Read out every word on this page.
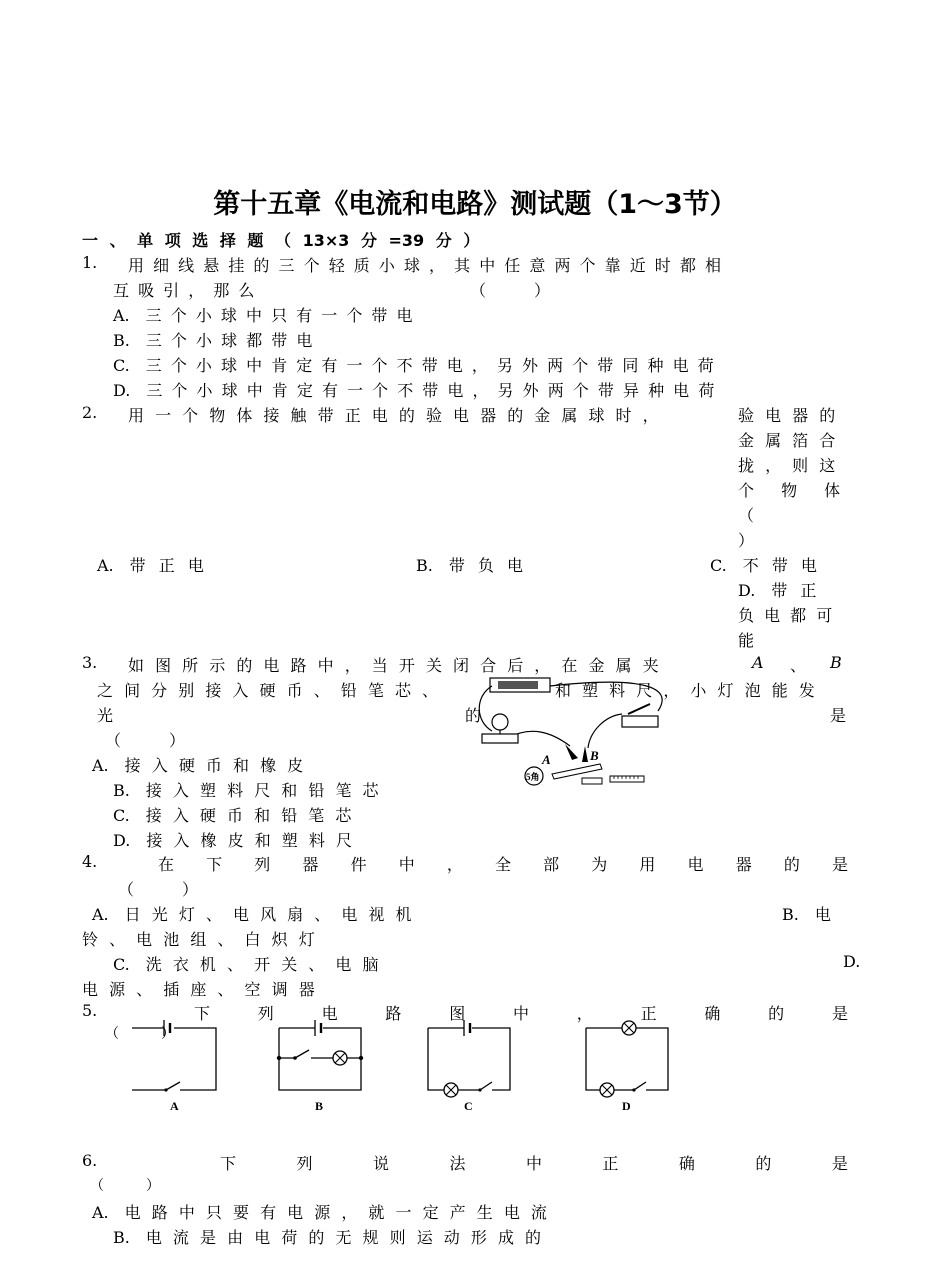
第十五章《电流和电路》测试题（1～3节）
一 、 单 项 选 择 题 （ 13×3 分 =39 分 ）
1. 用 细 线 悬 挂 的 三 个 轻 质 小 球 ， 其 中 任 意 两 个 靠 近 时 都 相
互 吸 引 ， 那 么	（　　　）
A.　三 个 小 球 中 只 有 一 个 带 电
B.　三 个 小 球 都 带 电
C.　三 个 小 球 中 肯 定 有 一 个 不 带 电 ， 另 外 两 个 带 同 种 电 荷
D.　三 个 小 球 中 肯 定 有 一 个 不 带 电 ， 另 外 两 个 带 异 种 电 荷
2. 用 一 个 物 体 接 触 带 正 电 的 验 电 器 的 金 属 球 时 ，	验 电 器 的
金 属 箔 合
拢 ， 则 这
个 物 体
（
）
A.　带 正 电	B.　带 负 电	C.　不 带 电
D.　带 正
负 电 都 可
能
3. 如 图 所 示 的 电 路 中 ， 当 开 关 闭 合 后 ， 在 金 属 夹	A 、 B
之 间 分 别 接 入 硬 币 、 铅 笔 芯 、	和 塑 料 尺 ， 小 灯 泡 能 发
光	的	是
（　　　）
A.　接 入 硬 币 和 橡 皮
B.　接 入 塑 料 尺 和 铅 笔 芯
C.　接 入 硬 币 和 铅 笔 芯
D.　接 入 橡 皮 和 塑 料 尺
A	B
5角
4.	在 下 列 器 件 中 ， 全 部 为 用 电 器 的 是
（　　　）
A.　日 光 灯 、 电 风 扇 、 电 视 机	B.　电
铃 、 电 池 组 、 白 炽 灯
C.　洗 衣 机 、 开 关 、 电 脑	D.
电 源 、 插 座 、 空 调 器
5.	下	列	电	路	图	中	，	正	确	的	是
（　　　）
A	B	C	D
6.	下	列	说	法	中	正	确	的	是
（　　　）
A.　电 路 中 只 要 有 电 源 ， 就 一 定 产 生 电 流
B.　电 流 是 由 电 荷 的 无 规 则 运 动 形 成 的
